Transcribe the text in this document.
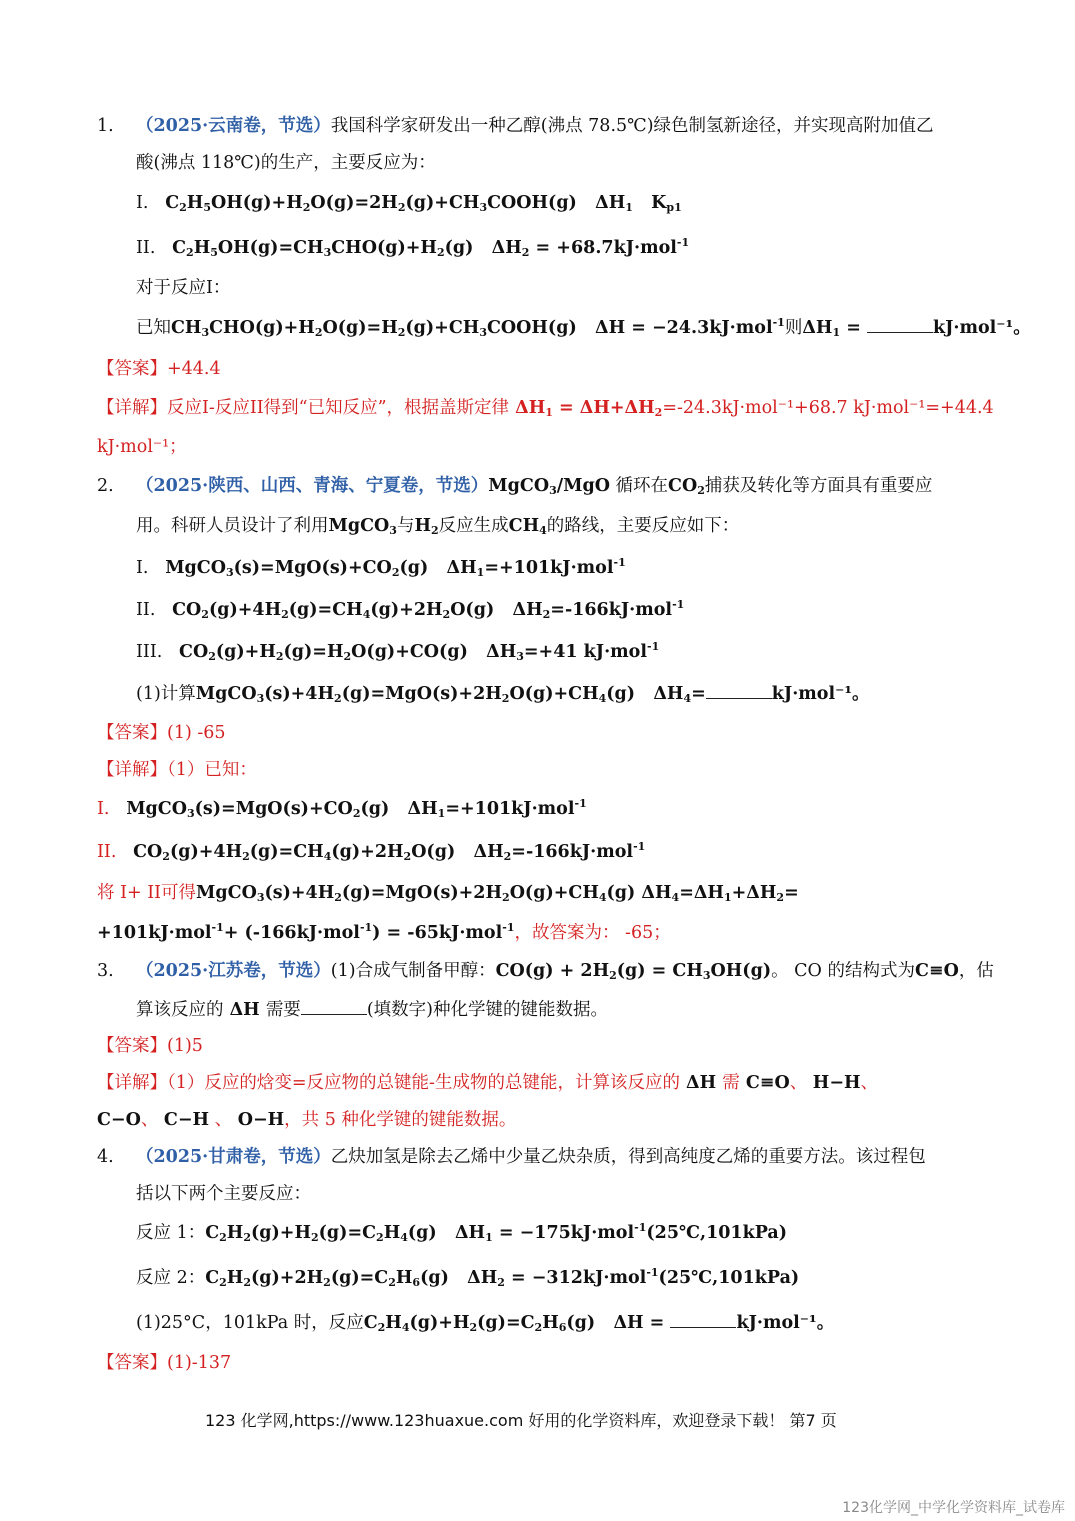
1. （2025·云南卷，节选）我国科学家研发出一种乙醇(沸点 78.5℃)绿色制氢新途径，并实现高附加值乙
酸(沸点 118℃)的生产，主要反应为：
I. $C_2H_5OH(g)+H_2O(g)=2H_2(g)+CH_3COOH(g)$   $\Delta H_1$   $K_{p1}$
II. $C_2H_5OH(g)=CH_3CHO(g)+H_2(g) \Delta H_2 = +68.7kJ\cdot mol^{-1}$
对于反应I：
已知$CH_3CHO(g)+H_2O(g)=H_2(g)+CH_3COOH(g) \Delta H = -24.3kJ\cdot mol^{-1}$则$\Delta H_1$ =	kJ·mol⁻¹。
【答案】+44.4
【详解】反应I-反应II得到“已知反应”，根据盖斯定律 $\Delta H_1 = \Delta H+\Delta H_2=-24.3kJ\cdot mol^{-1}+68.7$ kJ·mol⁻¹=+44.4
kJ·mol⁻¹；
2. （2025·陕西、山西、青海、宁夏卷，节选）MgCO$_3$/MgO 循环在$CO_2$捕获及转化等方面具有重要应
用。科研人员设计了利用MgCO$_3$与$H_2$反应生成$CH_4$的路线，主要反应如下：
I. $MgCO_3(s)=MgO(s)+CO_2(g)$   $\Delta H_1=+101kJ\cdot mol^{-1}$
II. $CO_2(g)+4H_2(g)=CH_4(g)+2H_2O(g)$   $\Delta H_2=-166kJ\cdot mol^{-1}$
III. $CO_2(g)+H_2(g)=H_2O(g)+CO(g)$   $\Delta H_3=+41$ kJ·mol$^{-1}$
(1)计算$MgCO_3(s)+4H_2(g)=MgO(s)+2H_2O(g)+CH_4(g)$   $\Delta H_4=$	kJ·mol⁻¹。
【答案】(1) -65
【详解】（1）已知：
I. $MgCO_3(s)=MgO(s)+CO_2(g)$   $\Delta H_1=+101kJ\cdot mol^{-1}$
II. $CO_2(g)+4H_2(g)=CH_4(g)+2H_2O(g)$   $\Delta H_2=-166kJ\cdot mol^{-1}$
将 I+ II可得$MgCO_3(s)+4H_2(g)=MgO(s)+2H_2O(g)+CH_4(g)$ $\Delta H_4=\Delta H_1+\Delta H_2=$
+101kJ·mol$^{-1}$+ (-166kJ·mol$^{-1}$) = -65kJ·mol$^{-1}$，故答案为： -65；
3. （2025·江苏卷，节选）(1)合成气制备甲醇：$CO(g) + 2H_2(g) = CH_3OH(g)$。 CO 的结构式为C≡O，估
算该反应的 ΔH 需要	(填数字)种化学键的键能数据。
【答案】(1)5
【详解】（1）反应的焓变=反应物的总键能-生成物的总键能，计算该反应的 ΔH 需 C≡O、 H−H、
C−O、 C−H 、 O−H，共 5 种化学键的键能数据。
4. （2025·甘肃卷，节选）乙炔加氢是除去乙烯中少量乙炔杂质，得到高纯度乙烯的重要方法。该过程包
括以下两个主要反应：
反应 1：$C_2H_2(g)+H_2(g)=C_2H_4(g) \Delta H_1$ = −175kJ·mol$^{-1}$(25℃,101kPa)
反应 2：$C_2H_2(g)+2H_2(g)=C_2H_6(g) \Delta H_2$ = −312kJ·mol$^{-1}$(25℃,101kPa)
(1)25°C，101kPa 时，反应$C_2H_4(g)+H_2(g)=C_2H_6(g) \Delta H$ =	kJ·mol⁻¹。
【答案】(1)-137
123 化学网,https://www.123huaxue.com 好用的化学资料库，欢迎登录下载！ 第7 页
123化学网_中学化学资料库_试卷库
